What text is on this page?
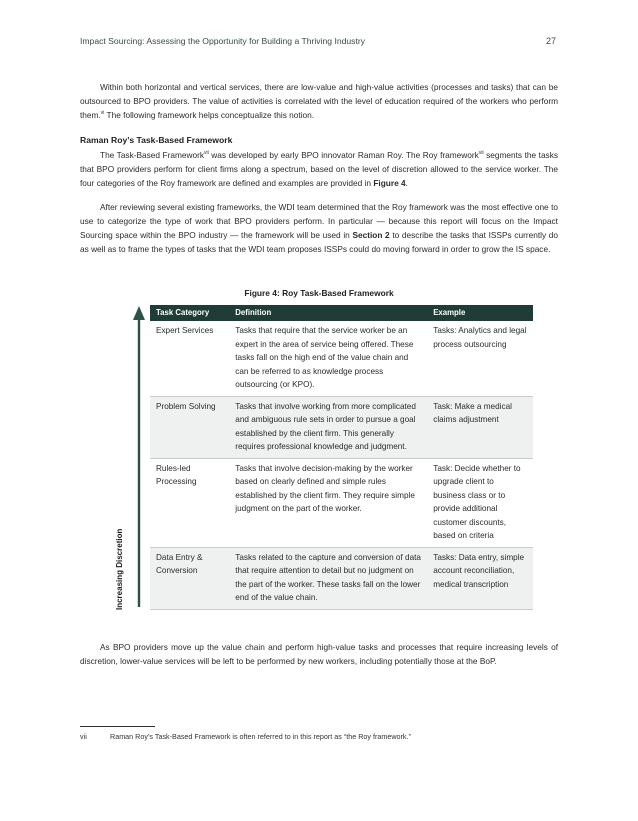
Impact Sourcing: Assessing the Opportunity for Building a Thriving Industry	27

Within both horizontal and vertical services, there are low-value and high-value activities (processes and tasks) that can be outsourced to BPO providers. The value of activities is correlated with the level of education required of the workers who perform them.$^{vi}$ The following framework helps conceptualize this notion.

Raman Roy’s Task-Based Framework

The Task-Based Framework$^{vii}$ was developed by early BPO innovator Raman Roy. The Roy framework$^{vii}$ segments the tasks that BPO providers perform for client firms along a spectrum, based on the level of discretion allowed to the service worker. The four categories of the Roy framework are defined and examples are provided in Figure 4.

After reviewing several existing frameworks, the WDI team determined that the Roy framework was the most effective one to use to categorize the type of work that BPO providers perform. In particular — because this report will focus on the Impact Sourcing space within the BPO industry — the framework will be used in Section 2 to describe the tasks that ISSPs currently do as well as to frame the types of tasks that the WDI team proposes ISSPs could do moving forward in order to grow the IS space.

Figure 4: Roy Task-Based Framework
Increasing Discretion
Task Category	Definition	Example
Expert Services	Tasks that require that the service worker be an expert in the area of service being offered. These tasks fall on the high end of the value chain and can be referred to as knowledge process outsourcing (or KPO).	Tasks: Analytics and legal process outsourcing
Problem Solving	Tasks that involve working from more complicated and ambiguous rule sets in order to pursue a goal established by the client firm. This generally requires professional knowledge and judgment.	Task: Make a medical claims adjustment
Rules-led Processing	Tasks that involve decision-making by the worker based on clearly defined and simple rules established by the client firm. They require simple judgment on the part of the worker.	Task: Decide whether to upgrade client to business class or to provide additional customer discounts, based on criteria
Data Entry & Conversion	Tasks related to the capture and conversion of data that require attention to detail but no judgment on the part of the worker. These tasks fall on the lower end of the value chain.	Tasks: Data entry, simple account reconciliation, medical transcription

As BPO providers move up the value chain and perform high-value tasks and processes that require increasing levels of discretion, lower-value services will be left to be performed by new workers, including potentially those at the BoP.

vii	Raman Roy’s Task-Based Framework is often referred to in this report as “the Roy framework.”
